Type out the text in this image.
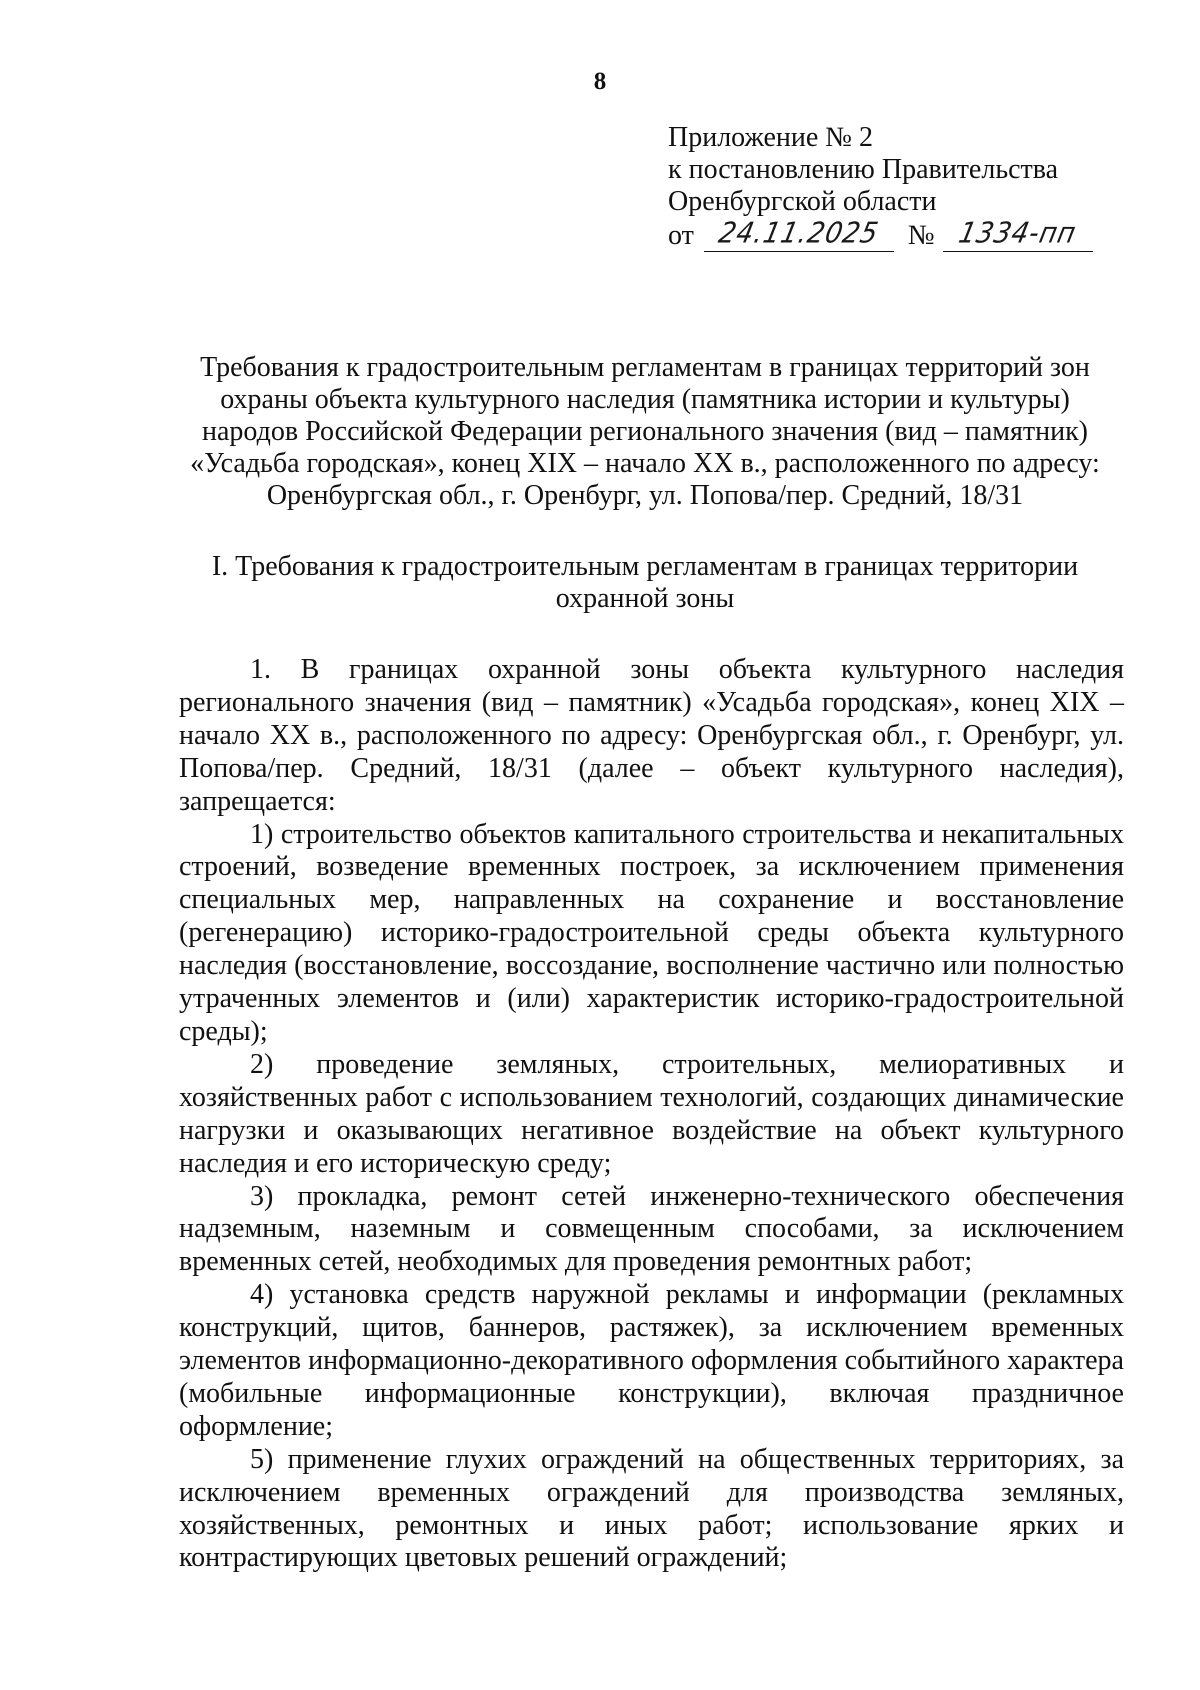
8
Приложение № 2
к постановлению Правительства
Оренбургской области
от 24.11.2025 № 1334-пп
Требования к градостроительным регламентам в границах территорий зон
охраны объекта культурного наследия (памятника истории и культуры)
народов Российской Федерации регионального значения (вид – памятник)
«Усадьба городская», конец XIX – начало XX в., расположенного по адресу:
Оренбургская обл., г. Оренбург, ул. Попова/пер. Средний, 18/31
I. Требования к градостроительным регламентам в границах территории
охранной зоны

1. В границах охранной зоны объекта культурного наследия регионального значения (вид – памятник) «Усадьба городская», конец XIX – начало XX в., расположенного по адресу: Оренбургская обл., г. Оренбург, ул. Попова/пер. Средний, 18/31 (далее – объект культурного наследия), запрещается:

1) строительство объектов капитального строительства и некапитальных строений, возведение временных построек, за исключением применения специальных мер, направленных на сохранение и восстановление (регенерацию) историко-градостроительной среды объекта культурного наследия (восстановление, воссоздание, восполнение частично или полностью утраченных элементов и (или) характеристик историко-градостроительной среды);

2) проведение земляных, строительных, мелиоративных и хозяйственных работ с использованием технологий, создающих динамические нагрузки и оказывающих негативное воздействие на объект культурного наследия и его историческую среду;

3) прокладка, ремонт сетей инженерно-технического обеспечения надземным, наземным и совмещенным способами, за исключением временных сетей, необходимых для проведения ремонтных работ;

4) установка средств наружной рекламы и информации (рекламных конструкций, щитов, баннеров, растяжек), за исключением временных элементов информационно-декоративного оформления событийного характера (мобильные информационные конструкции), включая праздничное оформление;

5) применение глухих ограждений на общественных территориях, за исключением временных ограждений для производства земляных, хозяйственных, ремонтных и иных работ; использование ярких и контрастирующих цветовых решений ограждений;
